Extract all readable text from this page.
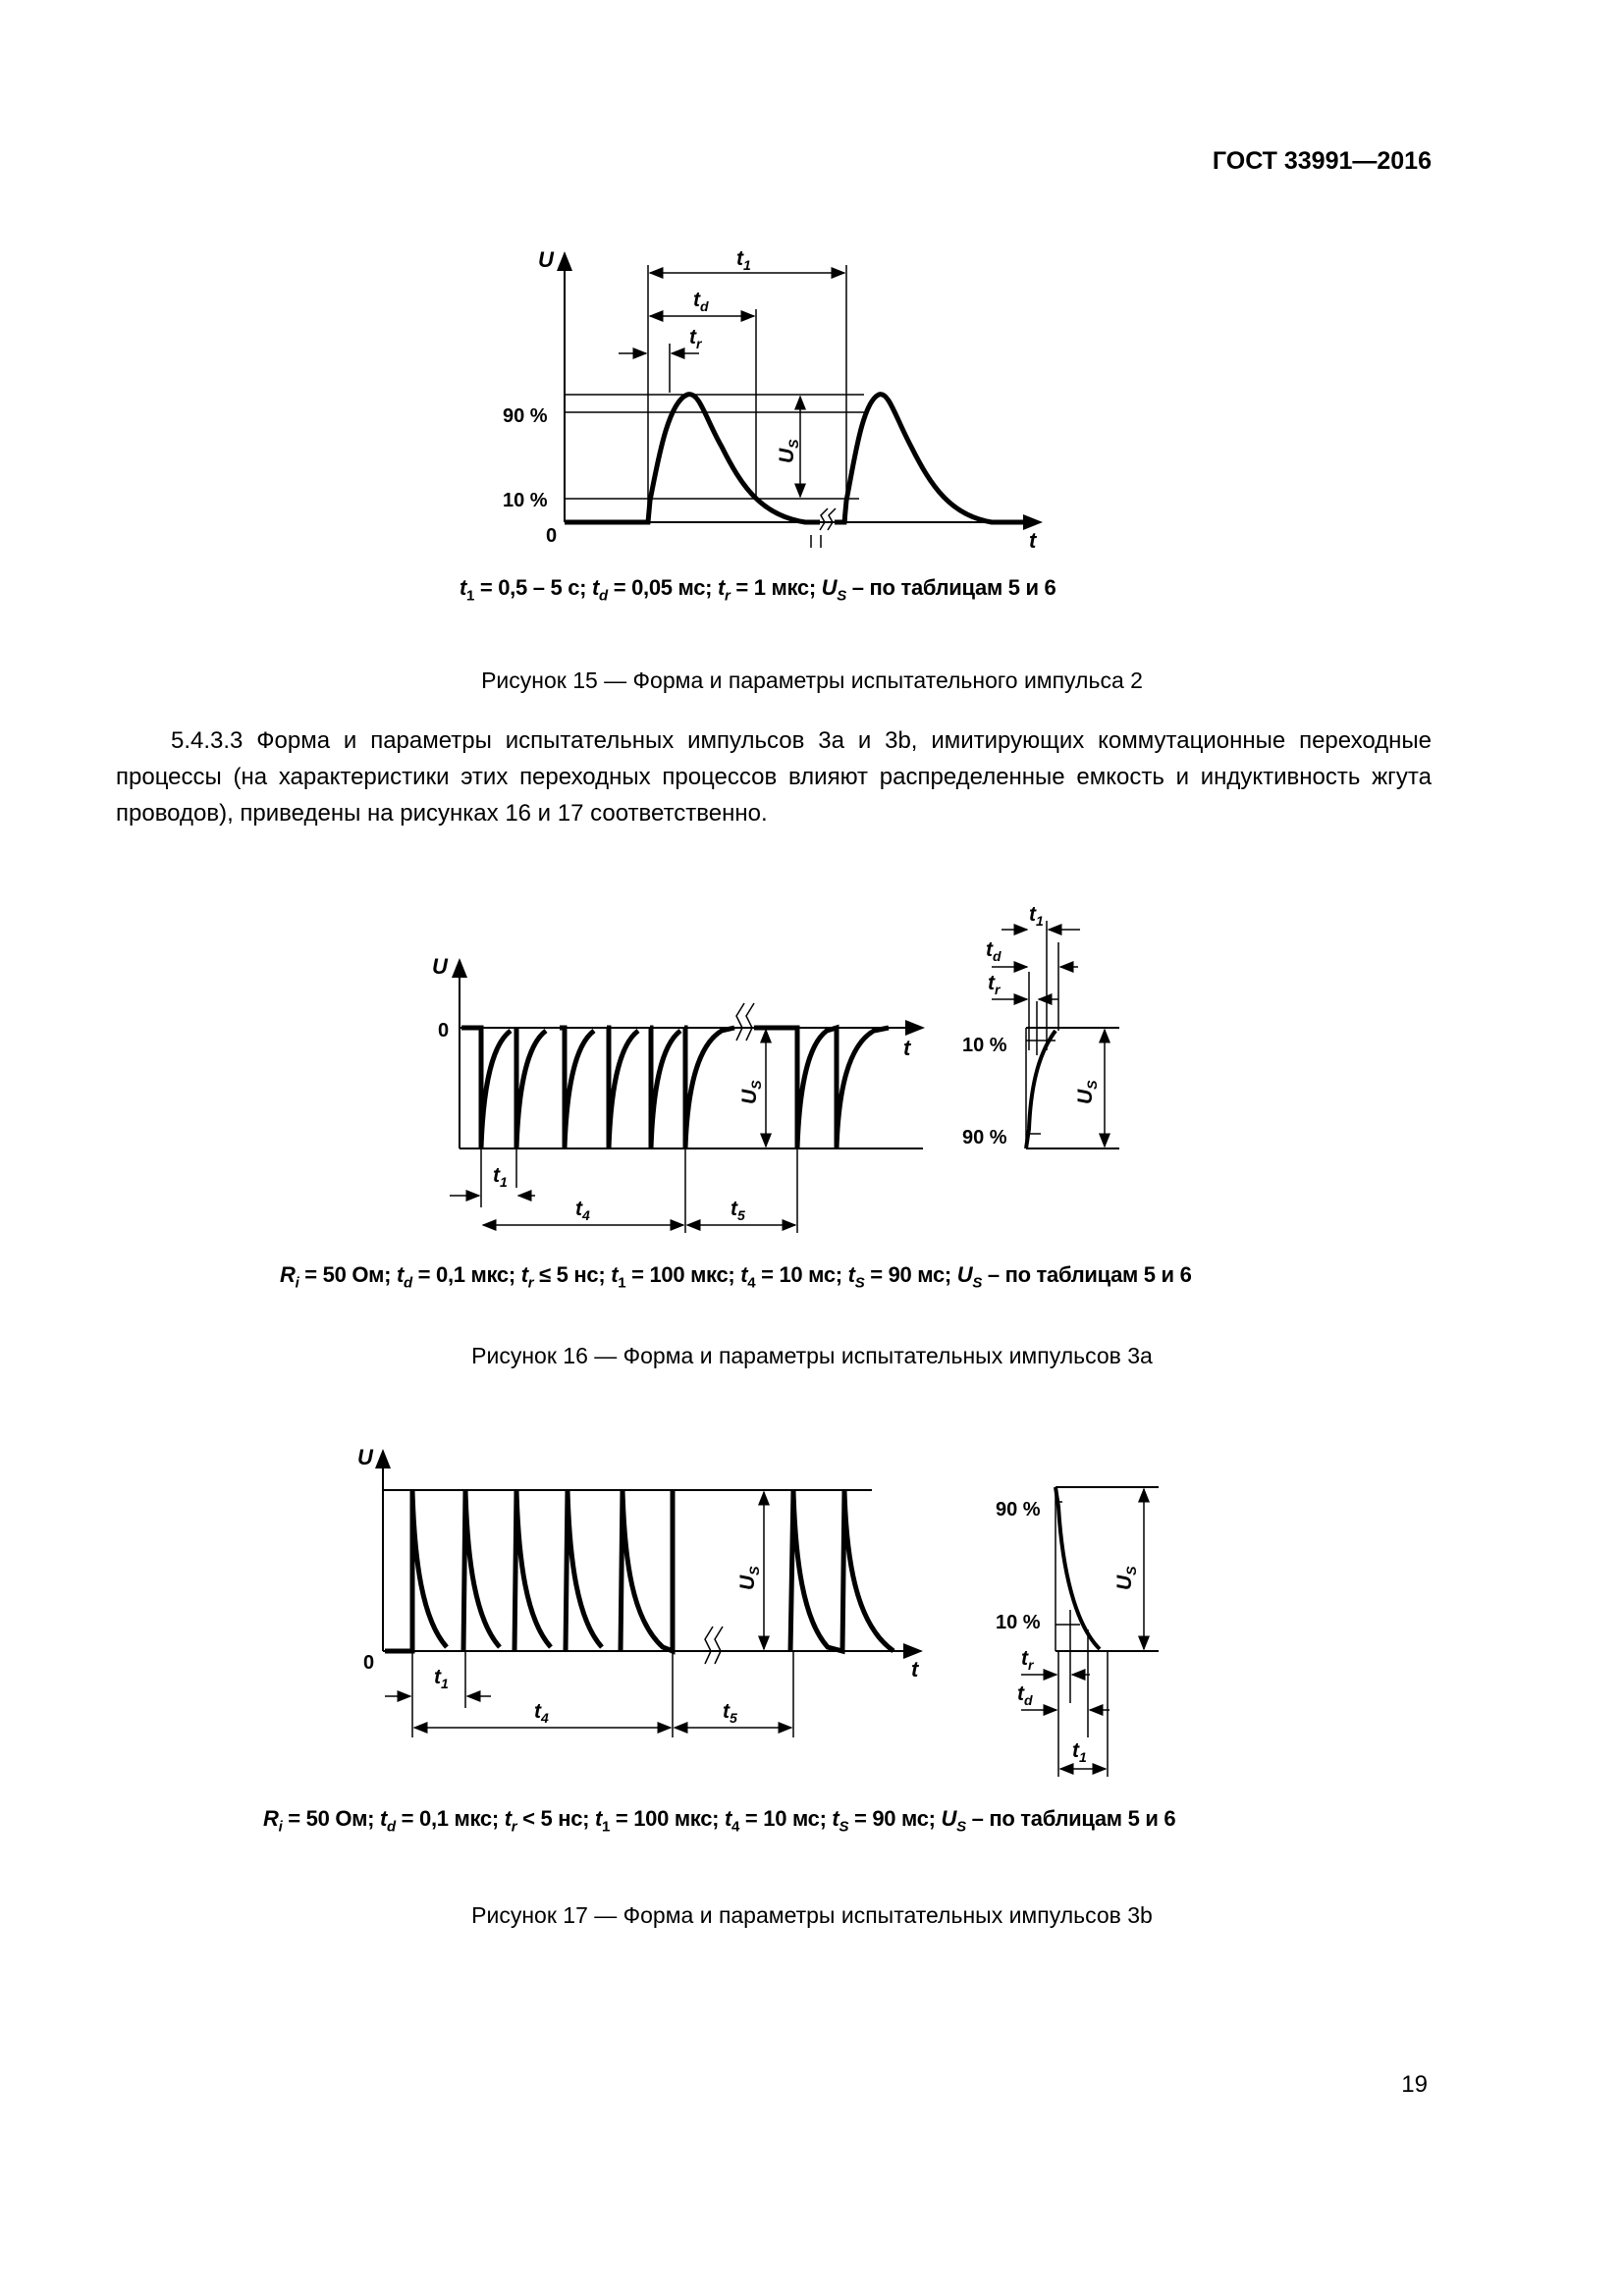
ГОСТ 33991—2016
U
t
0
90 %
10 %
$t_1$
$t_d$
$t_r$
$U_S$
$t_1 = 0,5 - 5$ с; $t_d = 0,05$ мс; $t_r = 1$ мкс; $U_S$ – по таблицам 5 и 6
Рисунок 15 — Форма и параметры испытательного импульса 2
5.4.3.3 Форма и параметры испытательных импульсов 3а и 3b, имитирующих коммутационные переходные процессы (на характеристики этих переходных процессов влияют распределенные емкость и индуктивность жгута проводов), приведены на рисунках 16 и 17 соответственно.
U
t
0
$t_1$
$t_4$	$t_5$
$U_S$
$t_1$
$t_d$
$t_r$
10 %
90 %
$U_S$
$R_i = 50$ Ом; $t_d = 0,1$ мкс; $t_r \le 5$ нс; $t_1 = 100$ мкс; $t_4 = 10$ мс; $t_S = 90$ мс; $U_S$ – по таблицам 5 и 6
Рисунок 16 — Форма и параметры испытательных импульсов 3а
U
t
0
$t_1$
$t_4$	$t_5$
$U_S$
90 %
10 %
$t_r$
$t_d$
$t_1$
$U_S$
$R_i = 50$ Ом; $t_d = 0,1$ мкс; $t_r < 5$ нс; $t_1 = 100$ мкс; $t_4 = 10$ мс; $t_S = 90$ мс; $U_S$ – по таблицам 5 и 6
Рисунок 17 — Форма и параметры испытательных импульсов 3b
19
